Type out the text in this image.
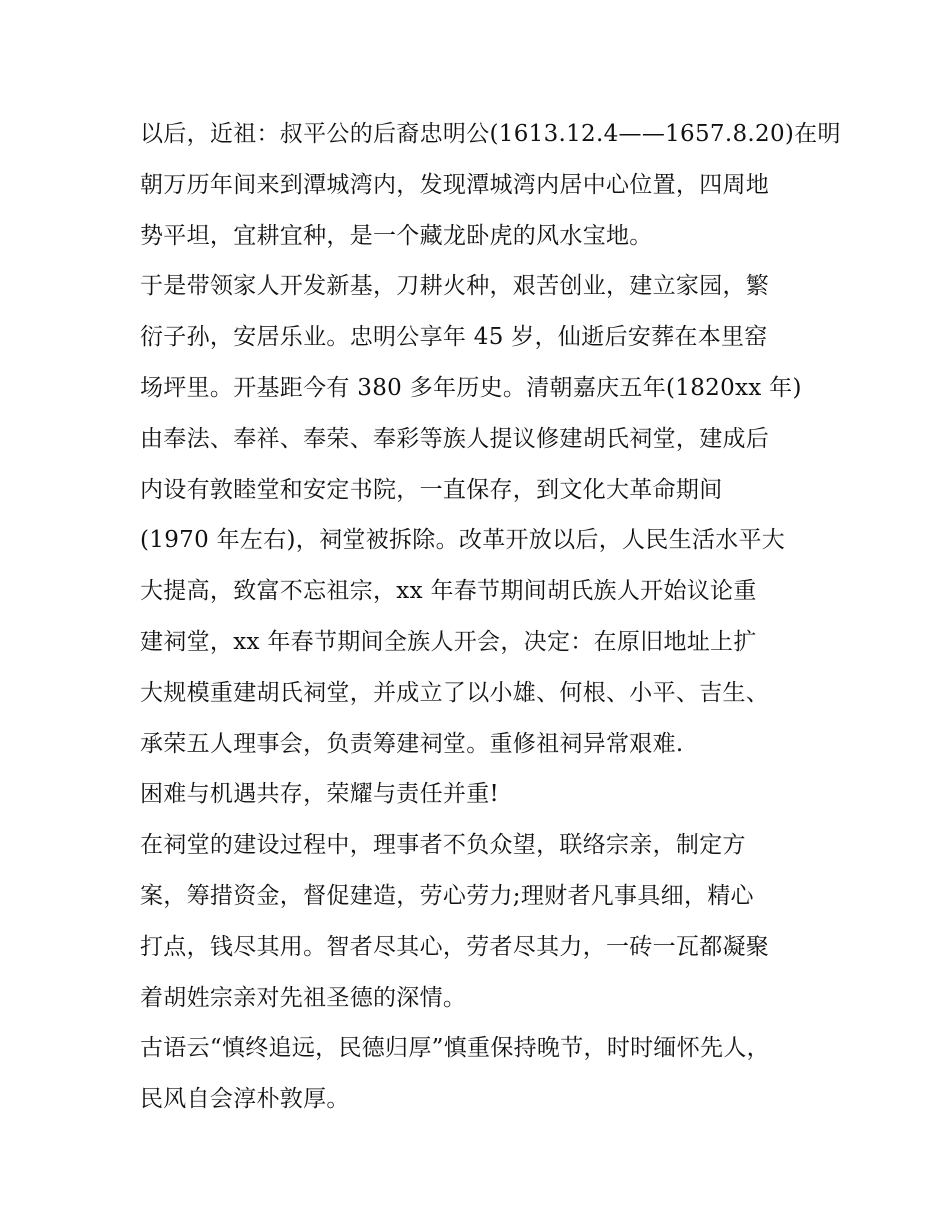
以后，近祖：叔平公的后裔忠明公(1613.12.4——1657.8.20)在明
朝万历年间来到潭城湾内，发现潭城湾内居中心位置，四周地
势平坦，宜耕宜种，是一个藏龙卧虎的风水宝地。
于是带领家人开发新基，刀耕火种，艰苦创业，建立家园，繁
衍子孙，安居乐业。忠明公享年 45 岁，仙逝后安葬在本里窑
场坪里。开基距今有 380 多年历史。清朝嘉庆五年(1820xx 年)
由奉法、奉祥、奉荣、奉彩等族人提议修建胡氏祠堂，建成后
内设有敦睦堂和安定书院，一直保存，到文化大革命期间
(1970 年左右)，祠堂被拆除。改革开放以后，人民生活水平大
大提高，致富不忘祖宗，xx 年春节期间胡氏族人开始议论重
建祠堂，xx 年春节期间全族人开会，决定：在原旧地址上扩
大规模重建胡氏祠堂，并成立了以小雄、何根、小平、吉生、
承荣五人理事会，负责筹建祠堂。重修祖祠异常艰难.
困难与机遇共存，荣耀与责任并重!
在祠堂的建设过程中，理事者不负众望，联络宗亲，制定方
案，筹措资金，督促建造，劳心劳力;理财者凡事具细，精心
打点，钱尽其用。智者尽其心，劳者尽其力，一砖一瓦都凝聚
着胡姓宗亲对先祖圣德的深情。
古语云“慎终追远，民德归厚”慎重保持晚节，时时缅怀先人，
民风自会淳朴敦厚。
